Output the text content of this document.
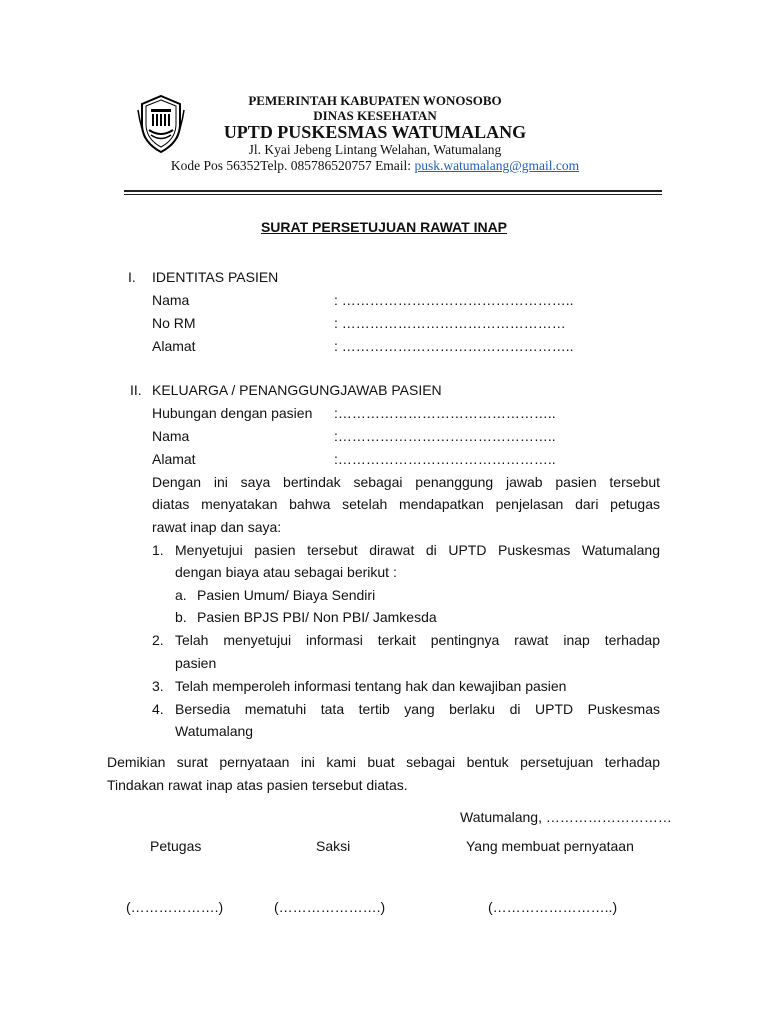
PEMERINTAH KABUPATEN WONOSOBO
DINAS KESEHATAN
UPTD PUSKESMAS WATUMALANG
Jl. Kyai Jebeng Lintang Welahan, Watumalang
Kode Pos 56352Telp. 085786520757 Email: pusk.watumalang@gmail.com
SURAT PERSETUJUAN RAWAT INAP
I. IDENTITAS PASIEN
Nama	: …………………………………………..
No RM	: …………………………………………
Alamat	: …………………………………………..
II. KELUARGA / PENANGGUNGJAWAB PASIEN
Hubungan dengan pasien :………………………………………..
Nama	:………………………………………..
Alamat	:………………………………………..
Dengan ini saya bertindak sebagai penanggung jawab pasien tersebut
diatas menyatakan bahwa setelah mendapatkan penjelasan dari petugas
rawat inap dan saya:
1. Menyetujui pasien tersebut dirawat di UPTD Puskesmas Watumalang
dengan biaya atau sebagai berikut :
a. Pasien Umum/ Biaya Sendiri
b. Pasien BPJS PBI/ Non PBI/ Jamkesda
2. Telah menyetujui informasi terkait pentingnya rawat inap terhadap
pasien
3. Telah memperoleh informasi tentang hak dan kewajiban pasien
4. Bersedia mematuhi tata tertib yang berlaku di UPTD Puskesmas
Watumalang
Demikian surat pernyataan ini kami buat sebagai bentuk persetujuan terhadap
Tindakan rawat inap atas pasien tersebut diatas.
Watumalang, ………………………
Petugas	Saksi	Yang membuat pernyataan
(……………….)	(………………….)	(……………………..)
